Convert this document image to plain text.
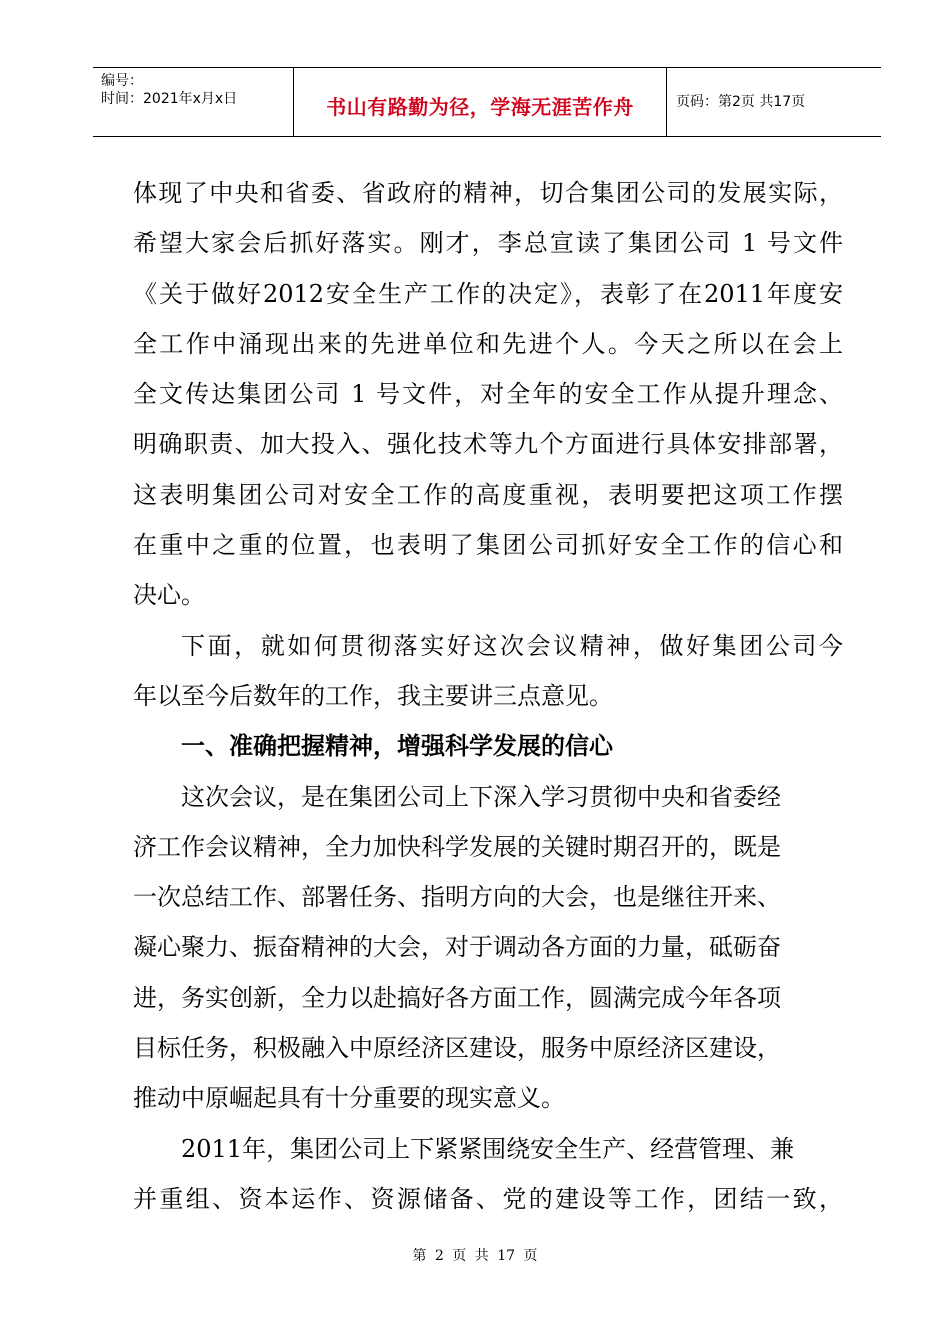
编号：
时间：2021年x月x日	书山有路勤为径，学海无涯苦作舟	页码：第2页 共17页
体现了中央和省委、省政府的精神，切合集团公司的发展实际，
希望大家会后抓好落实。刚才，李总宣读了集团公司 1 号文件
《关于做好2012安全生产工作的决定》，表彰了在2011年度安
全工作中涌现出来的先进单位和先进个人。今天之所以在会上
全文传达集团公司 1 号文件，对全年的安全工作从提升理念、
明确职责、加大投入、强化技术等九个方面进行具体安排部署，
这表明集团公司对安全工作的高度重视，表明要把这项工作摆
在重中之重的位置，也表明了集团公司抓好安全工作的信心和
决心。
下面，就如何贯彻落实好这次会议精神，做好集团公司今
年以至今后数年的工作，我主要讲三点意见。
一、准确把握精神，增强科学发展的信心
这次会议，是在集团公司上下深入学习贯彻中央和省委经
济工作会议精神，全力加快科学发展的关键时期召开的，既是
一次总结工作、部署任务、指明方向的大会，也是继往开来、
凝心聚力、振奋精神的大会，对于调动各方面的力量，砥砺奋
进，务实创新，全力以赴搞好各方面工作，圆满完成今年各项
目标任务，积极融入中原经济区建设，服务中原经济区建设，
推动中原崛起具有十分重要的现实意义。
2011年，集团公司上下紧紧围绕安全生产、经营管理、兼
并重组、资本运作、资源储备、党的建设等工作，团结一致，
第 2 页 共 17 页
